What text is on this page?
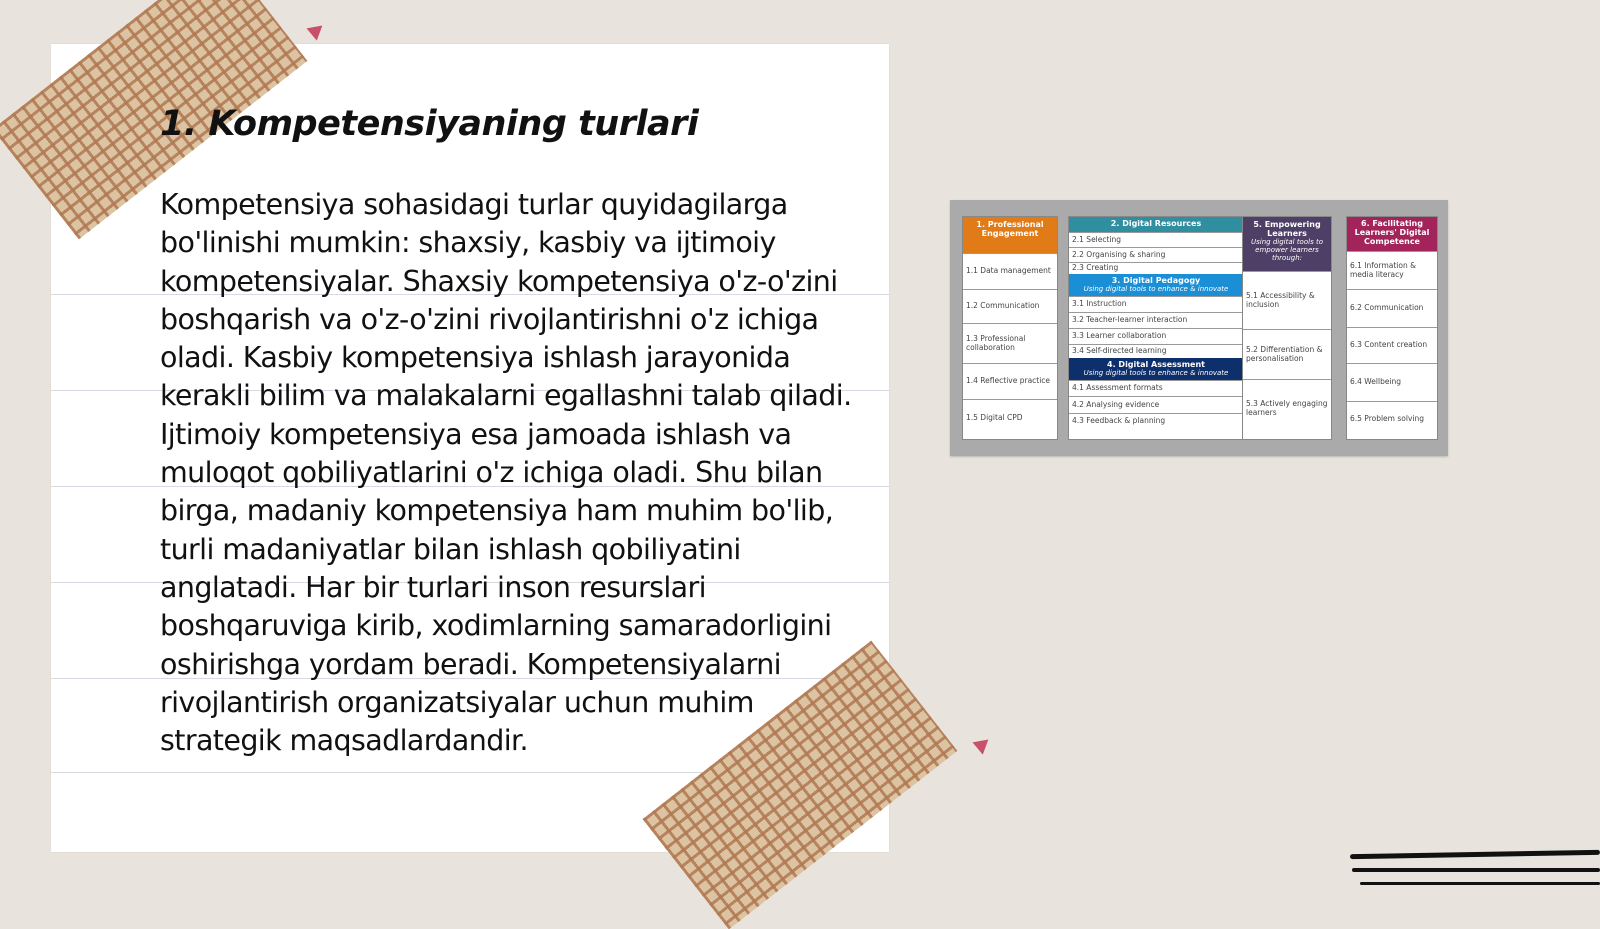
1. Kompetensiyaning turlari

Kompetensiya sohasidagi turlar quyidagilarga bo'linishi mumkin: shaxsiy, kasbiy va ijtimoiy kompetensiyalar. Shaxsiy kompetensiya o'z-o'zini boshqarish va o'z-o'zini rivojlantirishni o'z ichiga oladi. Kasbiy kompetensiya ishlash jarayonida kerakli bilim va malakalarni egallashni talab qiladi. Ijtimoiy kompetensiya esa jamoada ishlash va muloqot qobiliyatlarini o'z ichiga oladi. Shu bilan birga, madaniy kompetensiya ham muhim bo'lib, turli madaniyatlar bilan ishlash qobiliyatini anglatadi. Har bir turlari inson resurslari boshqaruviga kirib, xodimlarning samaradorligini oshirishga yordam beradi. Kompetensiyalarni rivojlantirish organizatsiyalar uchun muhim strategik maqsadlardandir.

1. Professional Engagement
1.1 Data management
1.2 Communication
1.3 Professional collaboration
1.4 Reflective practice
1.5 Digital CPD
2. Digital Resources
2.1 Selecting
2.2 Organising & sharing
2.3 Creating
3. Digital Pedagogy
Using digital tools to enhance & innovate
3.1 Instruction
3.2 Teacher-learner interaction
3.3 Learner collaboration
3.4 Self-directed learning
4. Digital Assessment
Using digital tools to enhance & innovate
4.1 Assessment formats
4.2 Analysing evidence
4.3 Feedback & planning
5. Empowering Learners
Using digital tools to empower learners through:
5.1 Accessibility & inclusion
5.2 Differentiation & personalisation
5.3 Actively engaging learners
6. Facilitating Learners' Digital Competence
6.1 Information & media literacy
6.2 Communication
6.3 Content creation
6.4 Wellbeing
6.5 Problem solving
